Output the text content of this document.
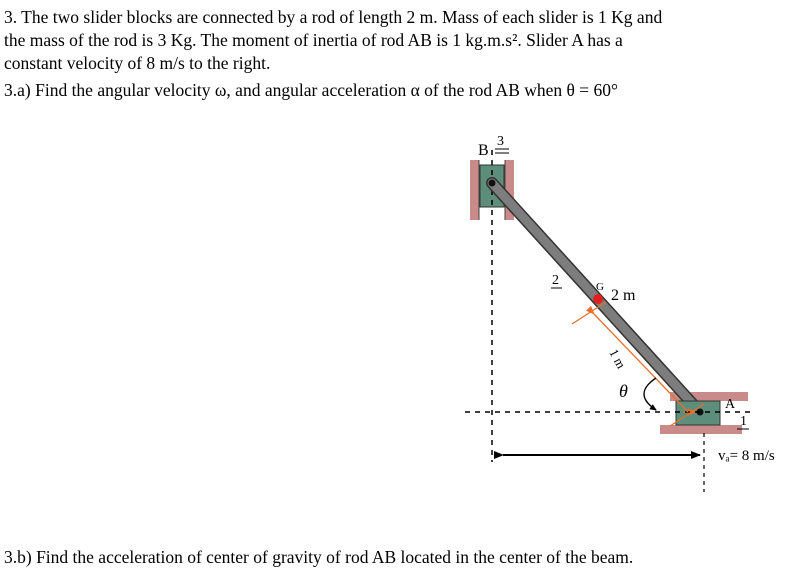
3. The two slider blocks are connected by a rod of length 2 m. Mass of each slider is 1 Kg and
the mass of the rod is 3 Kg. The moment of inertia of rod AB is 1 kg.m.s². Slider A has a
constant velocity of 8 m/s to the right.
3.a) Find the angular velocity ω, and angular acceleration α of the rod AB when θ = 60°
3.b) Find the acceleration of center of gravity of rod AB located in the center of the beam.
B
3
2	G 2 m
1 m
θ
A
1
vₐ= 8 m/s
